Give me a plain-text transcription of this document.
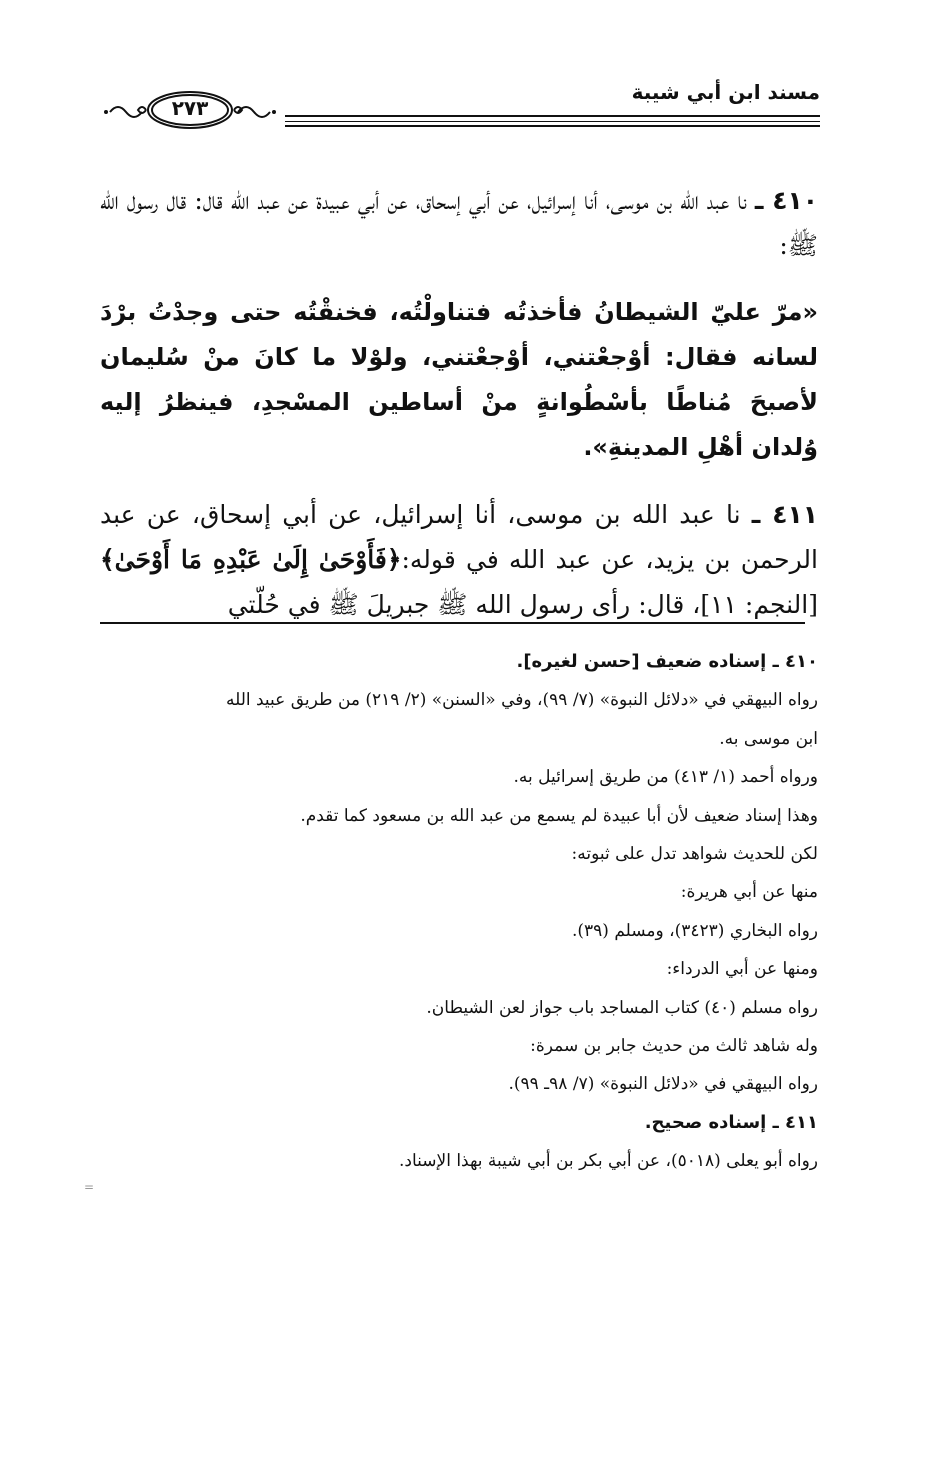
مسند ابن أبي شيبة
٢٧٣

٤١٠ ـ نا عبد الله بن موسى، أنا إسرائيل، عن أبي إسحاق، عن أبي عبيدة عن عبد الله قال: قال رسول الله ﷺ:

«مرّ عليّ الشيطانُ فأخذتُه فتناولْتُه، فخنقْتُه حتى وجدْتُ برْدَ لسانه فقال: أوْجعْتني، أوْجعْتني، ولوْلا ما كانَ منْ سُليمان لأصبحَ مُناطًا بأسْطُوانةٍ منْ أساطين المسْجدِ، فينظرُ إليه وُلدان أهْلِ المدينةِ».

٤١١ ـ نا عبد الله بن موسى، أنا إسرائيل، عن أبي إسحاق، عن عبد الرحمن بن يزيد، عن عبد الله في قوله:﴿فَأَوْحَىٰ إِلَىٰ عَبْدِهِ مَا أَوْحَىٰ﴾ [النجم: ١١]، قال: رأى رسول الله ﷺ جبريلَ ﷺ في حُلّتي

٤١٠ ـ إسناده ضعيف [حسن لغيره].
رواه البيهقي في «دلائل النبوة» (٧/ ٩٩)، وفي «السنن» (٢/ ٢١٩) من طريق عبيد الله
ابن موسى به.
ورواه أحمد (١/ ٤١٣) من طريق إسرائيل به.
وهذا إسناد ضعيف لأن أبا عبيدة لم يسمع من عبد الله بن مسعود كما تقدم.
لكن للحديث شواهد تدل على ثبوته:
منها عن أبي هريرة:
رواه البخاري (٣٤٢٣)، ومسلم (٣٩).
ومنها عن أبي الدرداء:
رواه مسلم (٤٠) كتاب المساجد باب جواز لعن الشيطان.
وله شاهد ثالث من حديث جابر بن سمرة:
رواه البيهقي في «دلائل النبوة» (٧/ ٩٨ـ ٩٩).
٤١١ ـ إسناده صحيح.
رواه أبو يعلى (٥٠١٨)، عن أبي بكر بن أبي شيبة بهذا الإسناد.
=
